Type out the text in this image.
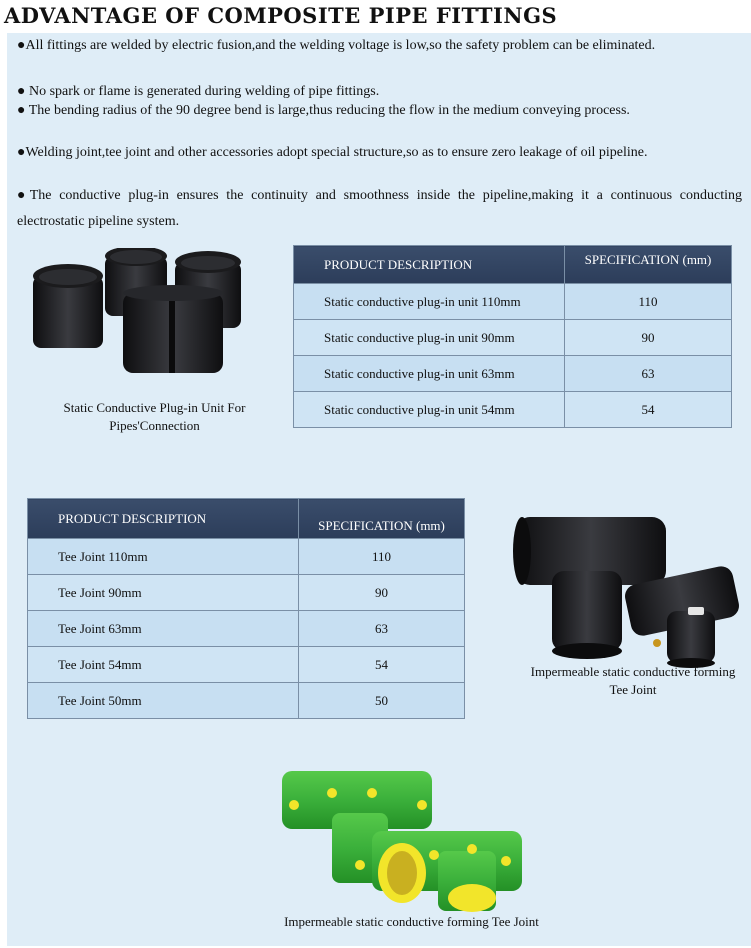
ADVANTAGE OF COMPOSITE PIPE FITTINGS
●All fittings are welded by electric fusion,and the welding voltage is low,so the safety problem can be eliminated.
● No spark or flame is generated during welding of pipe fittings.
● The bending radius of the 90 degree bend is large,thus reducing the flow in the medium conveying process.
●Welding joint,tee joint and other accessories adopt special structure,so as to ensure zero leakage of oil pipeline.
●The conductive plug-in ensures the continuity and smoothness inside the pipeline,making it a continuous conducting electrostatic pipeline system.
Static Conductive Plug-in Unit For Pipes'Connection
PRODUCT DESCRIPTION	SPECIFICATION (mm)
Static conductive plug-in unit 110mm	110
Static conductive plug-in unit 90mm	90
Static conductive plug-in unit 63mm	63
Static conductive plug-in unit 54mm	54
PRODUCT DESCRIPTION	SPECIFICATION (mm)
Tee Joint 110mm	110
Tee Joint 90mm	90
Tee Joint 63mm	63
Tee Joint 54mm	54
Tee Joint 50mm	50
Impermeable static conductive forming Tee Joint
Impermeable static conductive forming Tee Joint
